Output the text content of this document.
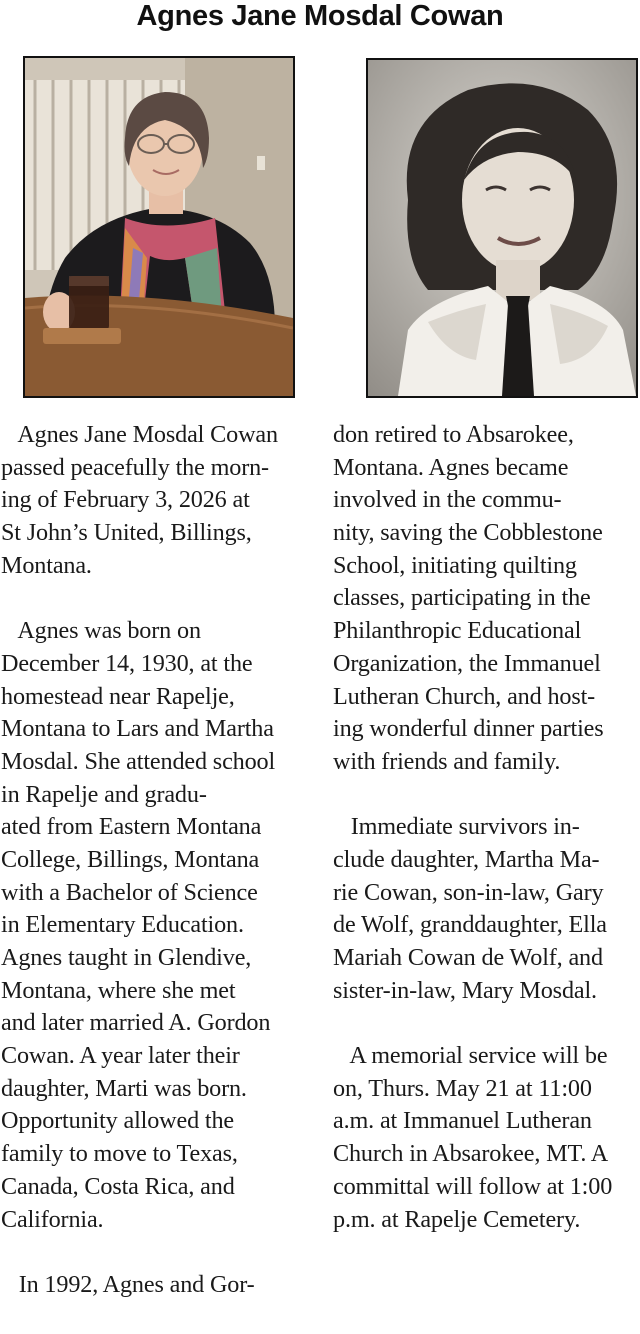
Agnes Jane Mosdal Cowan
Agnes Jane Mosdal Cowan
passed peacefully the morn-
ing of February 3, 2026 at
St John’s United, Billings,
Montana.
Agnes was born on
December 14, 1930, at the
homestead near Rapelje,
Montana to Lars and Martha
Mosdal. She attended school
in Rapelje and gradu-
ated from Eastern Montana
College, Billings, Montana
with a Bachelor of Science
in Elementary Education.
Agnes taught in Glendive,
Montana, where she met
and later married A. Gordon
Cowan. A year later their
daughter, Marti was born.
Opportunity allowed the
family to move to Texas,
Canada, Costa Rica, and
California.
In 1992, Agnes and Gor-
don retired to Absarokee,
Montana. Agnes became
involved in the commu-
nity, saving the Cobblestone
School, initiating quilting
classes, participating in the
Philanthropic Educational
Organization, the Immanuel
Lutheran Church, and host-
ing wonderful dinner parties
with friends and family.
Immediate survivors in-
clude daughter, Martha Ma-
rie Cowan, son-in-law, Gary
de Wolf, granddaughter, Ella
Mariah Cowan de Wolf, and
sister-in-law, Mary Mosdal.
A memorial service will be
on, Thurs. May 21 at 11:00
a.m. at Immanuel Lutheran
Church in Absarokee, MT. A
committal will follow at 1:00
p.m. at Rapelje Cemetery.
